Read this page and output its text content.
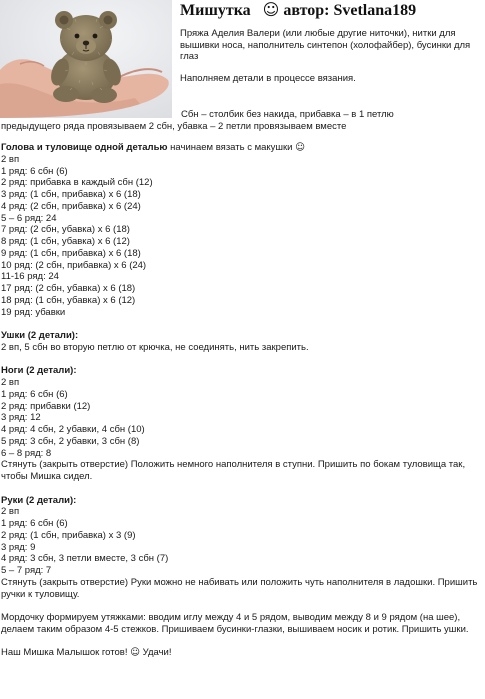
Мишутка ☺ автор: Svetlana189

Пряжа Аделия Валери (или любые другие ниточки), нитки для вышивки носа, наполнитель синтепон (холофайбер), бусинки для глаз

Наполняем детали в процессе вязания.

Сбн – столбик без накида, прибавка – в 1 петлю
предыдущего ряда провязываем 2 сбн, убавка – 2 петли провязываем вместе
Голова и туловище одной деталью начинаем вязать с макушки ☺
2 вп
1 ряд: 6 сбн (6)
2 ряд: прибавка в каждый сбн (12)
3 ряд: (1 сбн, прибавка) х 6 (18)
4 ряд: (2 сбн, прибавка) х 6 (24)
5 – 6 ряд: 24
7 ряд: (2 сбн, убавка) х 6 (18)
8 ряд: (1 сбн, убавка) х 6 (12)
9 ряд: (1 сбн, прибавка) х 6 (18)
10 ряд: (2 сбн, прибавка) х 6 (24)
11-16 ряд: 24
17 ряд: (2 сбн, убавка) х 6 (18)
18 ряд: (1 сбн, убавка) х 6 (12)
19 ряд: убавки
Ушки (2 детали):
2 вп, 5 сбн во вторую петлю от крючка, не соединять, нить закрепить.
Ноги (2 детали):
2 вп
1 ряд: 6 сбн (6)
2 ряд: прибавки (12)
3 ряд: 12
4 ряд: 4 сбн, 2 убавки, 4 сбн (10)
5 ряд: 3 сбн, 2 убавки, 3 сбн (8)
6 – 8 ряд: 8
Стянуть (закрыть отверстие) Положить немного наполнителя в ступни. Пришить по бокам туловища так, чтобы Мишка сидел.
Руки (2 детали):
2 вп
1 ряд: 6 сбн (6)
2 ряд: (1 сбн, прибавка) х 3 (9)
3 ряд: 9
4 ряд: 3 сбн, 3 петли вместе, 3 сбн (7)
5 – 7 ряд: 7
Стянуть (закрыть отверстие) Руки можно не набивать или положить чуть наполнителя в ладошки. Пришить ручки к туловищу.
Мордочку формируем утяжками: вводим иглу между 4 и 5 рядом, выводим между 8 и 9 рядом (на шее), делаем таким образом 4-5 стежков. Пришиваем бусинки-глазки, вышиваем носик и ротик. Пришить ушки.
Наш Мишка Малышок готов! ☺ Удачи!
